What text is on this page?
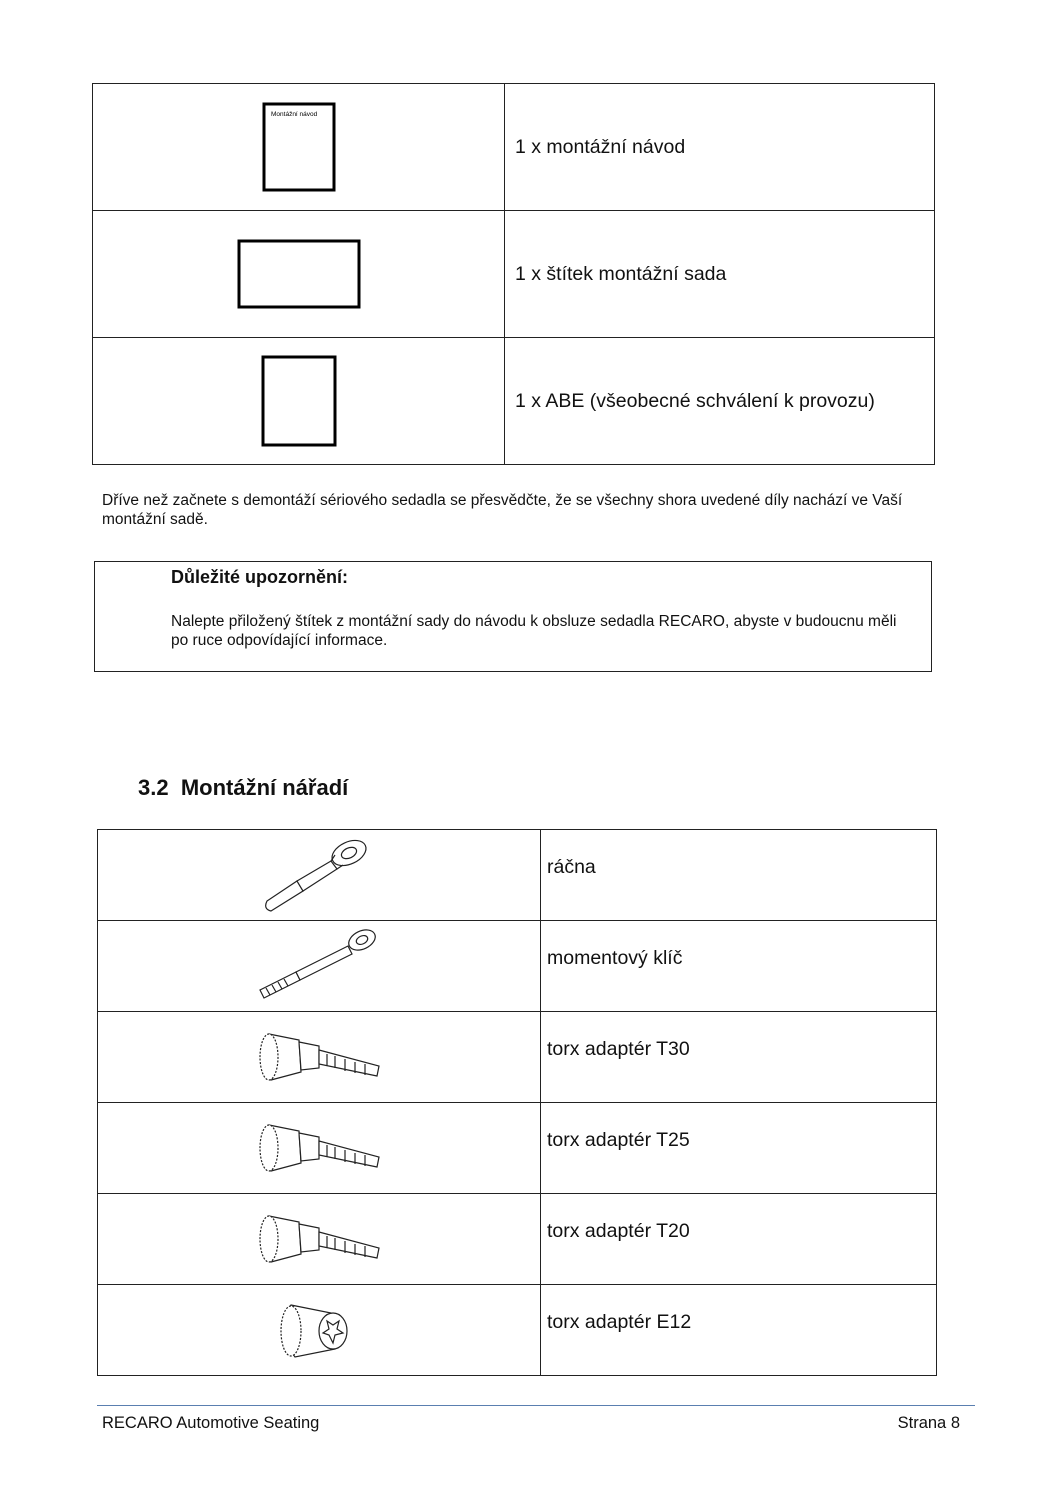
Montážní návod	1 x montážní návod
	1 x štítek montážní sada
	1 x ABE (všeobecné schválení k provozu)
Dříve než začnete s demontáží sériového sedadla se přesvědčte, že se všechny shora uvedené díly nachází ve Vaší montážní sadě.
Důležité upozornění:
Nalepte přiložený štítek z montážní sady do návodu k obsluze sedadla RECARO, abyste v budoucnu měli po ruce odpovídající informace.
3.2 Montážní nářadí
	ráčna
	momentový klíč
	torx adaptér T30
	torx adaptér T25
	torx adaptér T20
	torx adaptér E12
RECARO Automotive Seating	Strana 8
